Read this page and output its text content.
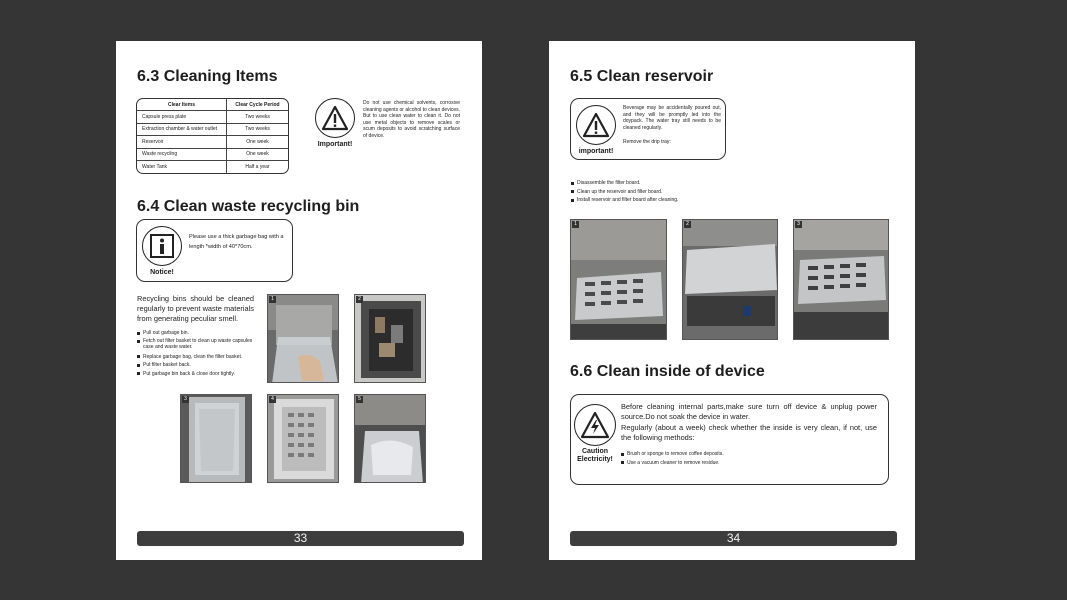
6.3 Cleaning Items
Clear Items	Clear Cycle Period
Capsule press plate	Two weeks
Extraction chamber & water outlet	Two weeks
Reservoir	One week
Waste recycling	One week
Water Tank	Half a year
Important!
Do not use chemical solvents, corrosive cleaning agents or alcohol to clean devices. But to use clean water to clean it. Do not use metal objects to remove scales or scum deposits to avoid scratching surface of device.
6.4 Clean waste recycling bin
Notice!
Please use a thick garbage bag with a length *width of 40*70cm.
Recycling bins should be cleaned regularly to prevent waste materials from generating peculiar smell.
Pull out garbage bin.
Fetch out filter basket to clean up waste capsules case and waste water.
Replace garbage bag, clean the filter basket.
Put filter basket back.
Put garbage bin back & close door tightly.
1	2
3	4	5
33
6.5 Clean reservoir
important!
Beverage may be accidentally poured out, and they will be promptly led into the doypack. The water tray still needs to be cleaned regularly.
Remove the drip tray:
Disassemble the filter board.
Clean up the reservoir and filter board.
Install reservoir and filter board after cleaning.
1	2	3
6.6 Clean inside of device
Caution Electricity!
Before cleaning internal parts,make sure turn off device & unplug power source.Do not soak the device in water.
Regularly (about a week) check whether the inside is very clean, if not, use the following methods:
Brush or sponge to remove coffee deposits.
Use a vacuum cleaner to remove residue.
34
